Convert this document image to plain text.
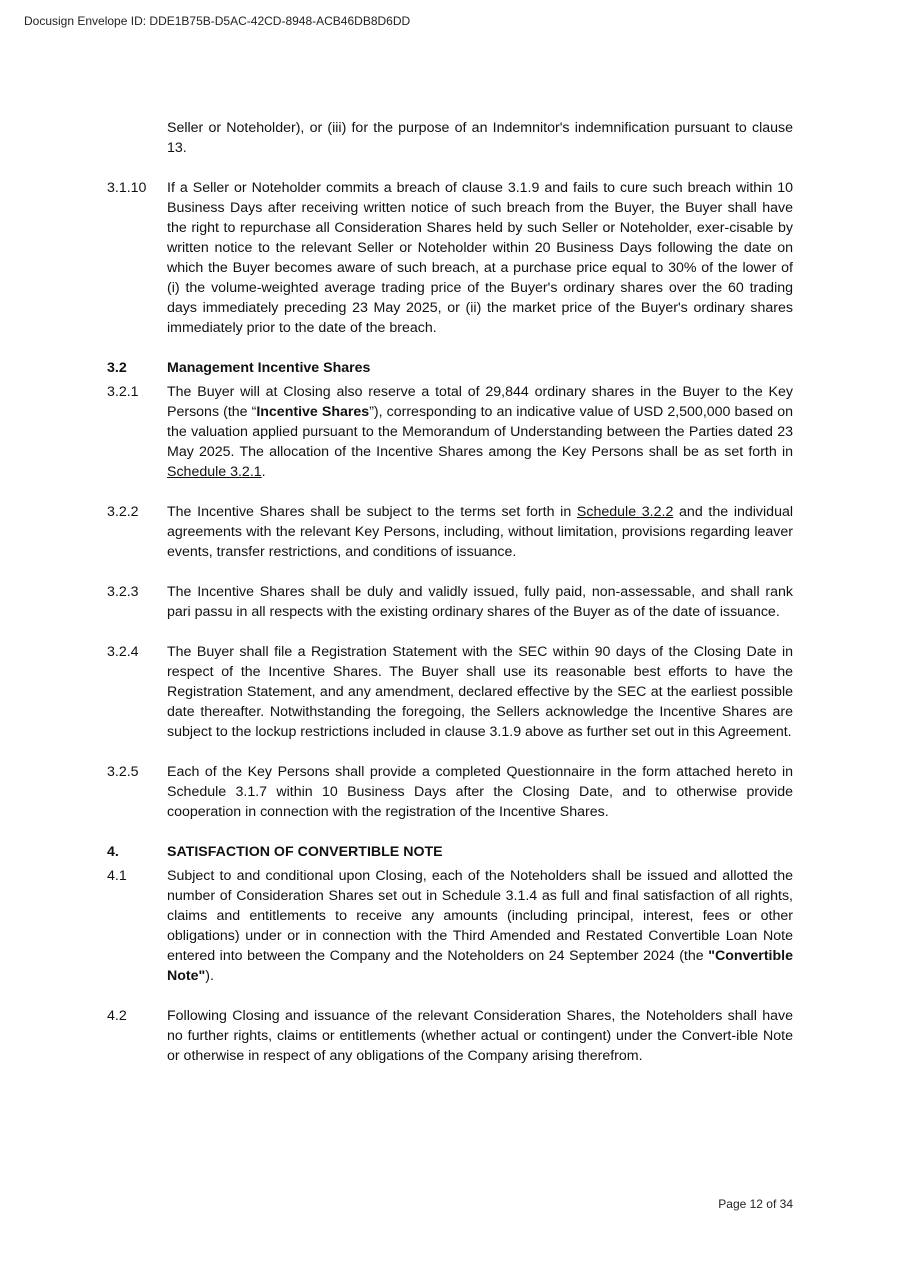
Docusign Envelope ID: DDE1B75B-D5AC-42CD-8948-ACB46DB8D6DD
Seller or Noteholder), or (iii) for the purpose of an Indemnitor's indemnification pursuant to clause 13.
3.1.10	If a Seller or Noteholder commits a breach of clause 3.1.9 and fails to cure such breach within 10 Business Days after receiving written notice of such breach from the Buyer, the Buyer shall have the right to repurchase all Consideration Shares held by such Seller or Noteholder, exer-cisable by written notice to the relevant Seller or Noteholder within 20 Business Days following the date on which the Buyer becomes aware of such breach, at a purchase price equal to 30% of the lower of (i) the volume-weighted average trading price of the Buyer's ordinary shares over the 60 trading days immediately preceding 23 May 2025, or (ii) the market price of the Buyer's ordinary shares immediately prior to the date of the breach.
3.2	Management Incentive Shares
3.2.1	The Buyer will at Closing also reserve a total of 29,844 ordinary shares in the Buyer to the Key Persons (the “Incentive Shares”), corresponding to an indicative value of USD 2,500,000 based on the valuation applied pursuant to the Memorandum of Understanding between the Parties dated 23 May 2025. The allocation of the Incentive Shares among the Key Persons shall be as set forth in Schedule 3.2.1.
3.2.2	The Incentive Shares shall be subject to the terms set forth in Schedule 3.2.2 and the individual agreements with the relevant Key Persons, including, without limitation, provisions regarding leaver events, transfer restrictions, and conditions of issuance.
3.2.3	The Incentive Shares shall be duly and validly issued, fully paid, non-assessable, and shall rank pari passu in all respects with the existing ordinary shares of the Buyer as of the date of issuance.
3.2.4	The Buyer shall file a Registration Statement with the SEC within 90 days of the Closing Date in respect of the Incentive Shares. The Buyer shall use its reasonable best efforts to have the Registration Statement, and any amendment, declared effective by the SEC at the earliest possible date thereafter. Notwithstanding the foregoing, the Sellers acknowledge the Incentive Shares are subject to the lockup restrictions included in clause 3.1.9 above as further set out in this Agreement.
3.2.5	Each of the Key Persons shall provide a completed Questionnaire in the form attached hereto in Schedule 3.1.7 within 10 Business Days after the Closing Date, and to otherwise provide cooperation in connection with the registration of the Incentive Shares.
4.	SATISFACTION OF CONVERTIBLE NOTE
4.1	Subject to and conditional upon Closing, each of the Noteholders shall be issued and allotted the number of Consideration Shares set out in Schedule 3.1.4 as full and final satisfaction of all rights, claims and entitlements to receive any amounts (including principal, interest, fees or other obligations) under or in connection with the Third Amended and Restated Convertible Loan Note entered into between the Company and the Noteholders on 24 September 2024 (the "Convertible Note").
4.2	Following Closing and issuance of the relevant Consideration Shares, the Noteholders shall have no further rights, claims or entitlements (whether actual or contingent) under the Convert-ible Note or otherwise in respect of any obligations of the Company arising therefrom.
Page 12 of 34
